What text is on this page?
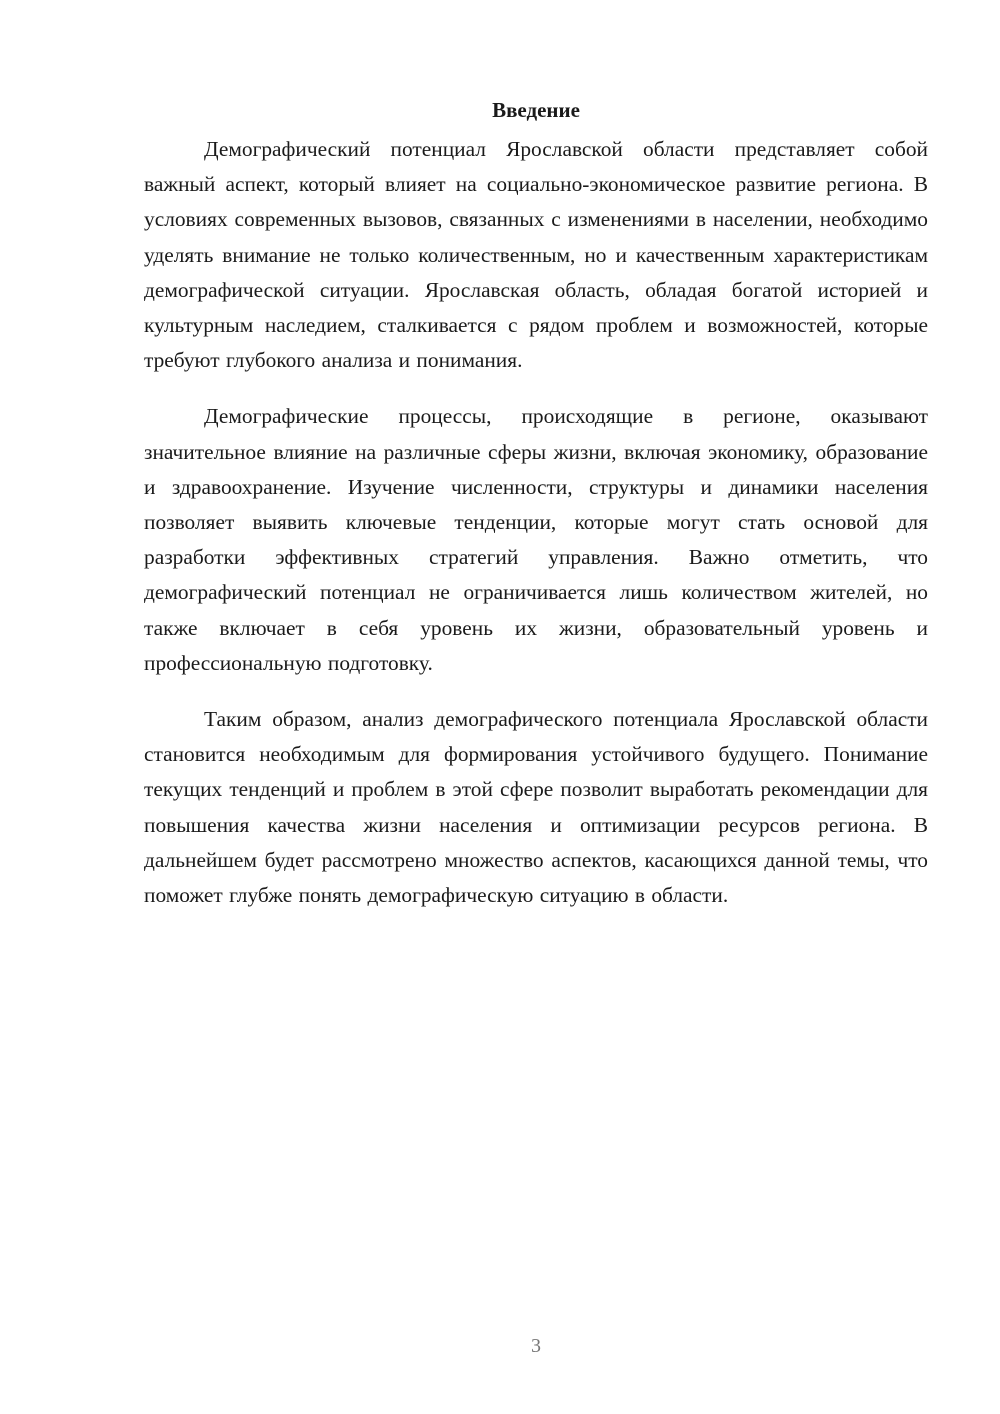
Введение

Демографический потенциал Ярославской области представляет собой важный аспект, который влияет на социально-экономическое развитие региона. В условиях современных вызовов, связанных с изменениями в населении, необходимо уделять внимание не только количественным, но и качественным характеристикам демографической ситуации. Ярославская область, обладая богатой историей и культурным наследием, сталкивается с рядом проблем и возможностей, которые требуют глубокого анализа и понимания.

Демографические процессы, происходящие в регионе, оказывают значительное влияние на различные сферы жизни, включая экономику, образование и здравоохранение. Изучение численности, структуры и динамики населения позволяет выявить ключевые тенденции, которые могут стать основой для разработки эффективных стратегий управления. Важно отметить, что демографический потенциал не ограничивается лишь количеством жителей, но также включает в себя уровень их жизни, образовательный уровень и профессиональную подготовку.

Таким образом, анализ демографического потенциала Ярославской области становится необходимым для формирования устойчивого будущего. Понимание текущих тенденций и проблем в этой сфере позволит выработать рекомендации для повышения качества жизни населения и оптимизации ресурсов региона. В дальнейшем будет рассмотрено множество аспектов, касающихся данной темы, что поможет глубже понять демографическую ситуацию в области.

3
